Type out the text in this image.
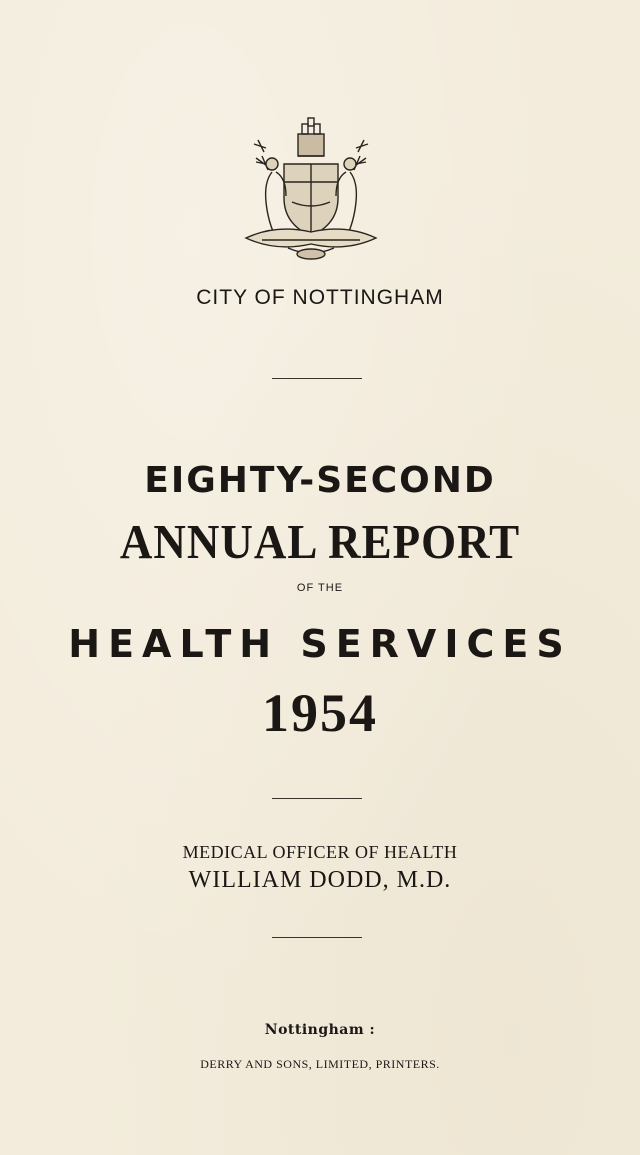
CITY OF NOTTINGHAM
EIGHTY-SECOND
ANNUAL REPORT
OF THE
HEALTH SERVICES
1954
MEDICAL OFFICER OF HEALTH
WILLIAM DODD, M.D.
Nottingham :
DERRY AND SONS, LIMITED, PRINTERS.
